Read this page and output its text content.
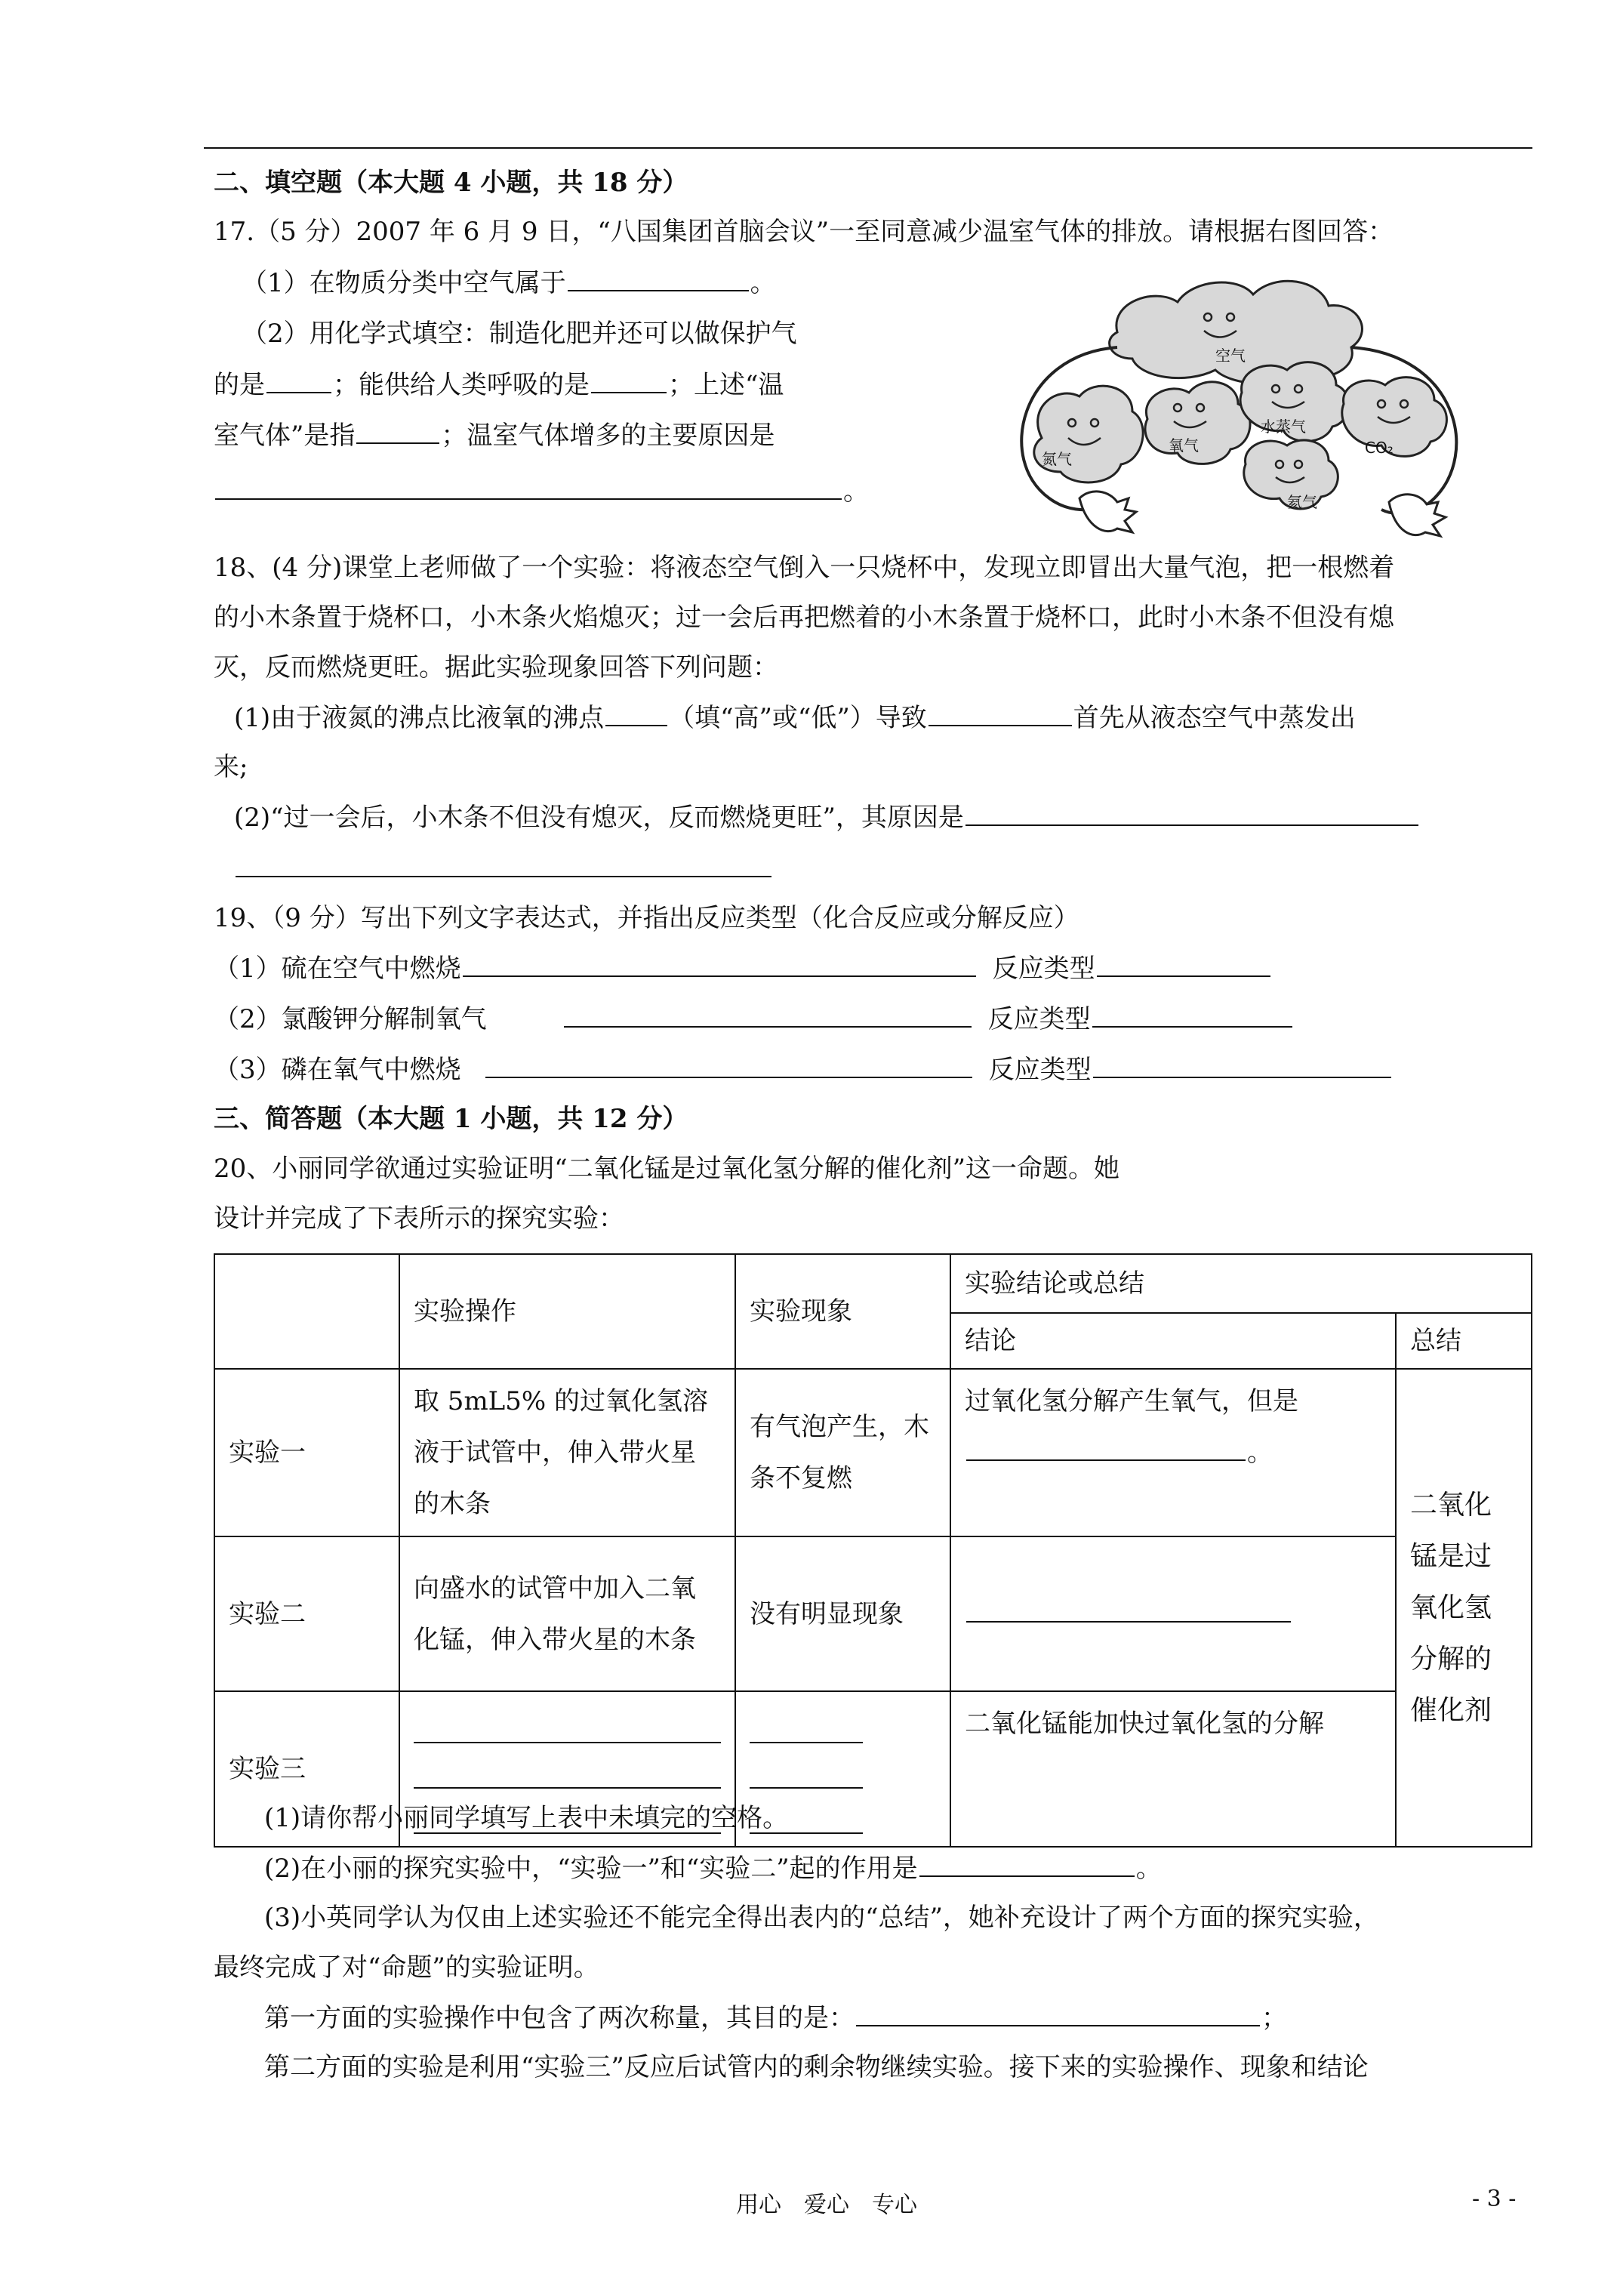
二、填空题（本大题 4 小题，共 18 分）
17.（5 分）2007 年 6 月 9 日，“八国集团首脑会议”一至同意减少温室气体的排放。请根据右图回答：
（1）在物质分类中空气属于	。
（2）用化学式填空：制造化肥并还可以做保护气
的是	；能供给人类呼吸的是	；上述“温
室气体”是指	；温室气体增多的主要原因是
。
空气
氮气
氧气
水蒸气
CO₂
氦气
18、(4 分)课堂上老师做了一个实验：将液态空气倒入一只烧杯中，发现立即冒出大量气泡，把一根燃着
的小木条置于烧杯口，小木条火焰熄灭；过一会后再把燃着的小木条置于烧杯口，此时小木条不但没有熄
灭，反而燃烧更旺。据此实验现象回答下列问题：
(1)由于液氮的沸点比液氧的沸点	（填“高”或“低”）导致	首先从液态空气中蒸发出
来;
(2)“过一会后，小木条不但没有熄灭，反而燃烧更旺”，其原因是
19、（9 分）写出下列文字表达式，并指出反应类型（化合反应或分解反应）
（1）硫在空气中燃烧	反应类型
（2）氯酸钾分解制氧气	反应类型
（3）磷在氧气中燃烧	反应类型
三、简答题（本大题 1 小题，共 12 分）
20、小丽同学欲通过实验证明“二氧化锰是过氧化氢分解的催化剂”这一命题。她
设计并完成了下表所示的探究实验：
	实验操作	实验现象	实验结论或总结	
			结论	总结
实验一	取 5mL5% 的过氧化氢溶液于试管中，伸入带火星的木条	有气泡产生，木条不复燃	过氧化氢分解产生氧气，但是。	二氧化锰是过氧化氢分解的催化剂
实验二	向盛水的试管中加入二氧化锰，伸入带火星的木条	没有明显现象		
实验三			二氧化锰能加快过氧化氢的分解	
(1)请你帮小丽同学填写上表中未填完的空格。
(2)在小丽的探究实验中，“实验一”和“实验二”起的作用是	。
(3)小英同学认为仅由上述实验还不能完全得出表内的“总结”，她补充设计了两个方面的探究实验，
最终完成了对“命题”的实验证明。
第一方面的实验操作中包含了两次称量，其目的是：	；
第二方面的实验是利用“实验三”反应后试管内的剩余物继续实验。接下来的实验操作、现象和结论
用心　爱心　专心	- 3 -
